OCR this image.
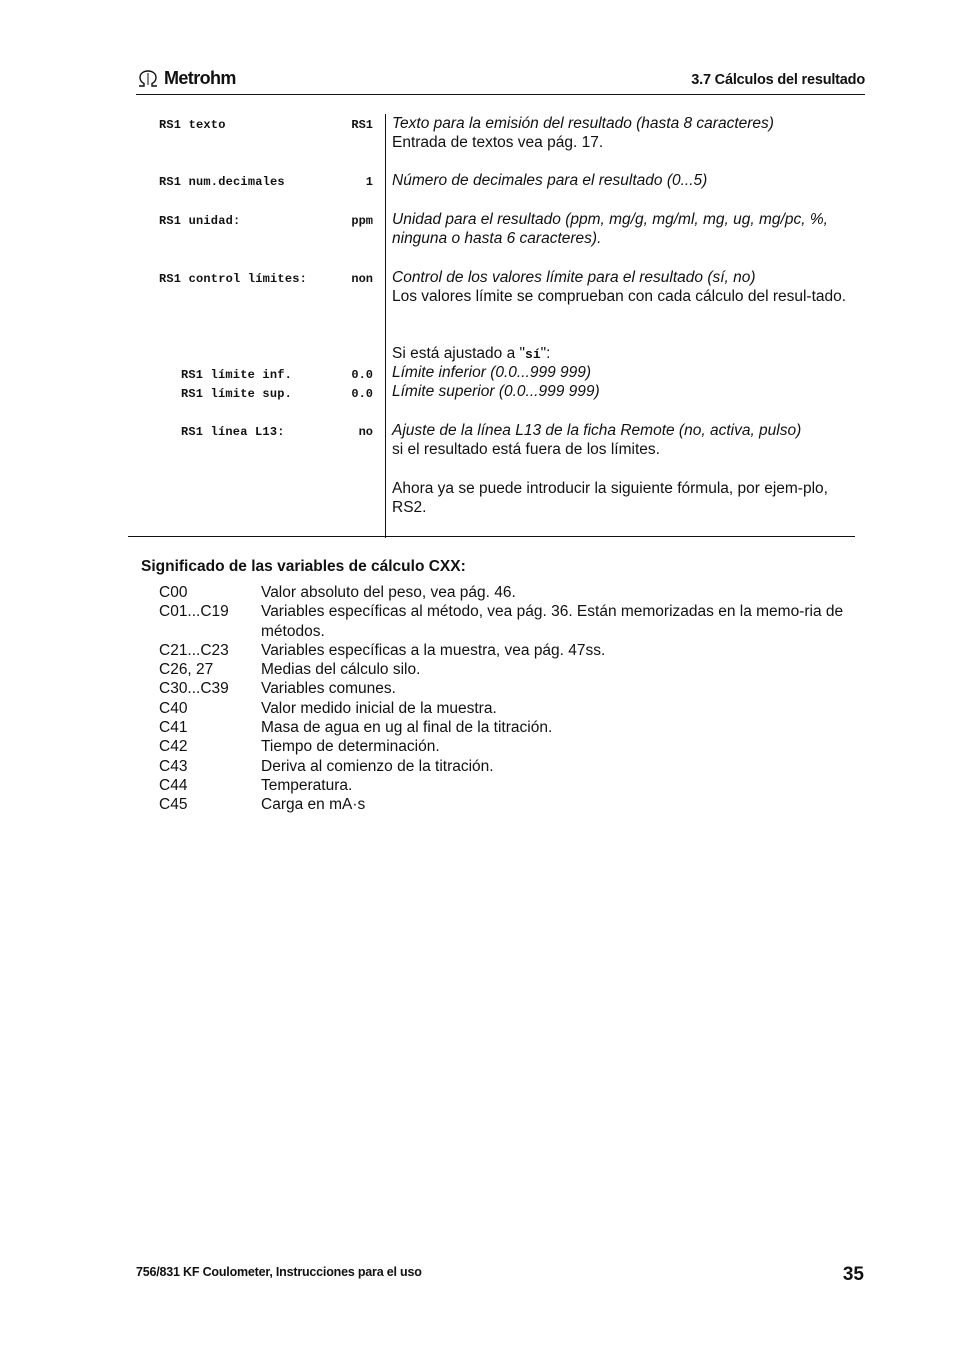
Metrohm	3.7 Cálculos del resultado
RS1 texto	RS1 Texto para la emisión del resultado (hasta 8 caracteres)
Entrada de textos vea pág. 17.
RS1 num.decimales	1 Número de decimales para el resultado (0...5)
RS1 unidad:	ppm Unidad para el resultado (ppm, mg/g, mg/ml, mg, ug, mg/pc, %, ninguna o hasta 6 caracteres).
RS1 control límites:	non Control de los valores límite para el resultado (sí, no)
Los valores límite se comprueban con cada cálculo del resul-tado.
Si está ajustado a "sí":
RS1 límite inf.	0.0 Límite inferior (0.0...999 999)
RS1 límite sup.	0.0 Límite superior (0.0...999 999)
RS1 línea L13:	no Ajuste de la línea L13 de la ficha Remote (no, activa, pulso)
si el resultado está fuera de los límites.
Ahora ya se puede introducir la siguiente fórmula, por ejem-plo, RS2.
Significado de las variables de cálculo CXX:
C00	Valor absoluto del peso, vea pág. 46.
C01...C19	Variables específicas al método, vea pág. 36. Están memorizadas en la memo-ria de métodos.
C21...C23	Variables específicas a la muestra, vea pág. 47ss.
C26, 27	Medias del cálculo silo.
C30...C39	Variables comunes.
C40	Valor medido inicial de la muestra.
C41	Masa de agua en ug al final de la titración.
C42	Tiempo de determinación.
C43	Deriva al comienzo de la titración.
C44	Temperatura.
C45	Carga en mA·s
756/831 KF Coulometer, Instrucciones para el uso	35
